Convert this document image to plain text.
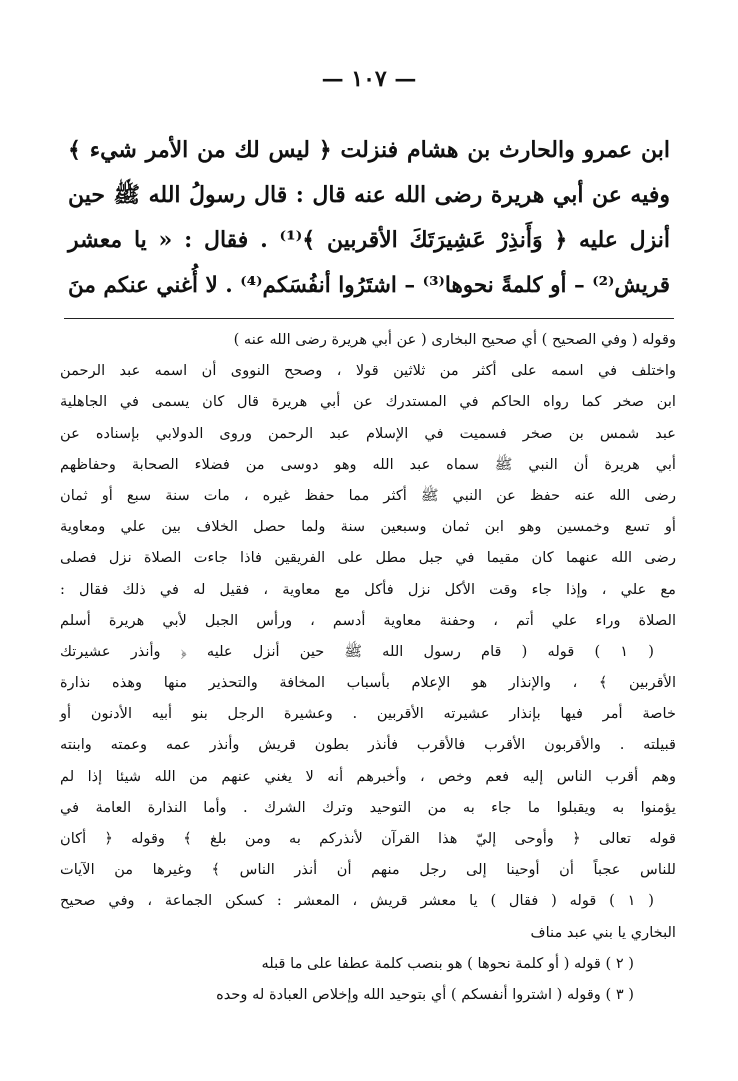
— ١٠٧ —
ابن عمرو والحارث بن هشام فنزلت ﴿ ليس لك من الأمر شيء ﴾
وفيه عن أبي هريرة رضى الله عنه قال : قال رسولُ الله ﷺ حين
أنزل عليه ﴿ وَأَنذِرْ عَشِيرَتَكَ الأقربين ﴾⁽¹⁾ . فقال : « يا معشر
قريش⁽²⁾ – أو كلمةً نحوها⁽³⁾ – اشتَرُوا أنفُسَكم⁽⁴⁾ . لا أُغني عنكم منَ
وقوله ( وفي الصحيح ) أي صحيح البخارى ( عن أبي هريرة رضى الله عنه )
واختلف في اسمه على أكثر من ثلاثين قولا ، وصحح النووى أن اسمه عبد الرحمن
ابن صخر كما رواه الحاكم في المستدرك عن أبي هريرة قال كان يسمى في الجاهلية
عبد شمس بن صخر فسميت في الإسلام عبد الرحمن وروى الدولابي بإسناده عن
أبي هريرة أن النبي ﷺ سماه عبد الله وهو دوسى من فضلاء الصحابة وحفاظهم
رضى الله عنه حفظ عن النبي ﷺ أكثر مما حفظ غيره ، مات سنة سبع أو ثمان
أو تسع وخمسين وهو ابن ثمان وسبعين سنة ولما حصل الخلاف بين علي ومعاوية
رضى الله عنهما كان مقيما في جبل مطل على الفريقين فاذا جاءت الصلاة نزل فصلى
مع علي ، وإذا جاء وقت الأكل نزل فأكل مع معاوية ، فقيل له في ذلك فقال :
الصلاة وراء علي أتم ، وحفنة معاوية أدسم ، ورأس الجبل لأبي هريرة أسلم
( ١ ) قوله ( قام رسول الله ﷺ حين أنزل عليه ﴿ وأنذر عشيرتك
الأقربين ﴾ ، والإنذار هو الإعلام بأسباب المخافة والتحذير منها وهذه نذارة
خاصة أمر فيها بإنذار عشيرته الأقربين . وعشيرة الرجل بنو أبيه الأدنون أو
قبيلته . والأقربون الأقرب فالأقرب فأنذر بطون قريش وأنذر عمه وعمته وابنته
وهم أقرب الناس إليه فعم وخص ، وأخبرهم أنه لا يغني عنهم من الله شيئا إذا لم
يؤمنوا به ويقبلوا ما جاء به من التوحيد وترك الشرك . وأما النذارة العامة في
قوله تعالى ﴿ وأوحى إليّ هذا القرآن لأنذركم به ومن بلغ ﴾ وقوله ﴿ أكان
للناس عجباً أن أوحينا إلى رجل منهم أن أنذر الناس ﴾ وغيرها من الآيات
( ١ ) قوله ( فقال ) يا معشر قريش ، المعشر : كسكن الجماعة ، وفي صحيح
البخاري يا بني عبد مناف
( ٢ ) قوله ( أو كلمة نحوها ) هو بنصب كلمة عطفا على ما قبله
( ٣ ) وقوله ( اشتروا أنفسكم ) أي بتوحيد الله وإخلاص العبادة له وحده
